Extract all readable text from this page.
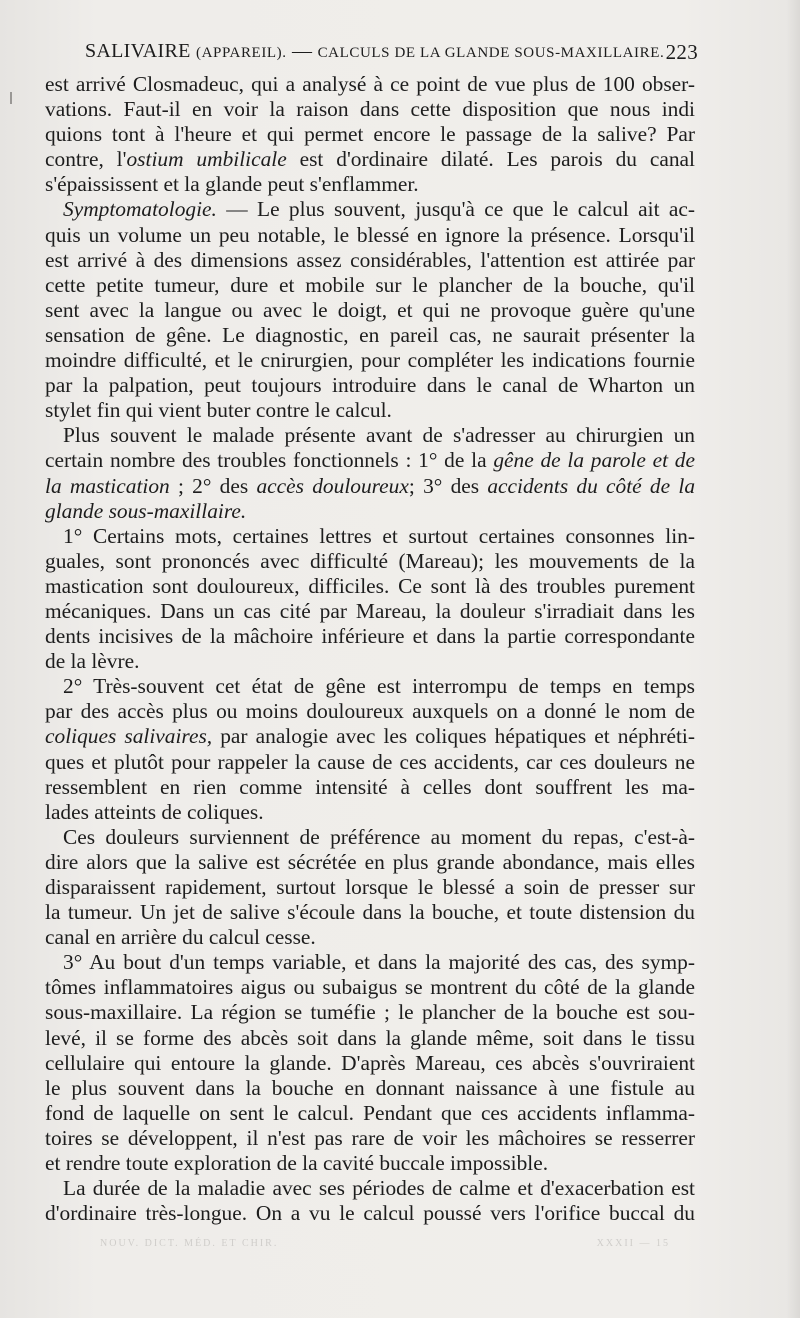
SALIVAIRE (APPAREIL). — CALCULS DE LA GLANDE SOUS-MAXILLAIRE. 223

est arrivé Closmadeuc, qui a analysé à ce point de vue plus de 100 obser-
vations. Faut-il en voir la raison dans cette disposition que nous indi
quions tont à l'heure et qui permet encore le passage de la salive? Par
contre, l'ostium umbilicale est d'ordinaire dilaté. Les parois du canal
s'épaississent et la glande peut s'enflammer.

Symptomatologie. — Le plus souvent, jusqu'à ce que le calcul ait ac-
quis un volume un peu notable, le blessé en ignore la présence. Lorsqu'il
est arrivé à des dimensions assez considérables, l'attention est attirée par
cette petite tumeur, dure et mobile sur le plancher de la bouche, qu'il
sent avec la langue ou avec le doigt, et qui ne provoque guère qu'une
sensation de gêne. Le diagnostic, en pareil cas, ne saurait présenter la
moindre difficulté, et le cnirurgien, pour compléter les indications fournie
par la palpation, peut toujours introduire dans le canal de Wharton un
stylet fin qui vient buter contre le calcul.

Plus souvent le malade présente avant de s'adresser au chirurgien un
certain nombre des troubles fonctionnels : 1° de la gêne de la parole et de
la mastication ; 2° des accès douloureux; 3° des accidents du côté de la
glande sous-maxillaire.

1° Certains mots, certaines lettres et surtout certaines consonnes lin-
guales, sont prononcés avec difficulté (Mareau); les mouvements de la
mastication sont douloureux, difficiles. Ce sont là des troubles purement
mécaniques. Dans un cas cité par Mareau, la douleur s'irradiait dans les
dents incisives de la mâchoire inférieure et dans la partie correspondante
de la lèvre.

2° Très-souvent cet état de gêne est interrompu de temps en temps
par des accès plus ou moins douloureux auxquels on a donné le nom de
coliques salivaires, par analogie avec les coliques hépatiques et néphréti-
ques et plutôt pour rappeler la cause de ces accidents, car ces douleurs ne
ressemblent en rien comme intensité à celles dont souffrent les ma-
lades atteints de coliques.

Ces douleurs surviennent de préférence au moment du repas, c'est-à-
dire alors que la salive est sécrétée en plus grande abondance, mais elles
disparaissent rapidement, surtout lorsque le blessé a soin de presser sur
la tumeur. Un jet de salive s'écoule dans la bouche, et toute distension du
canal en arrière du calcul cesse.

3° Au bout d'un temps variable, et dans la majorité des cas, des symp-
tômes inflammatoires aigus ou subaigus se montrent du côté de la glande
sous-maxillaire. La région se tuméfie ; le plancher de la bouche est sou-
levé, il se forme des abcès soit dans la glande même, soit dans le tissu
cellulaire qui entoure la glande. D'après Mareau, ces abcès s'ouvriraient
le plus souvent dans la bouche en donnant naissance à une fistule au
fond de laquelle on sent le calcul. Pendant que ces accidents inflamma-
toires se développent, il n'est pas rare de voir les mâchoires se resserrer
et rendre toute exploration de la cavité buccale impossible.

La durée de la maladie avec ses périodes de calme et d'exacerbation est
d'ordinaire très-longue. On a vu le calcul poussé vers l'orifice buccal du

NOUV. DICT. MÉD. ET CHIR.	XXXII — 15
